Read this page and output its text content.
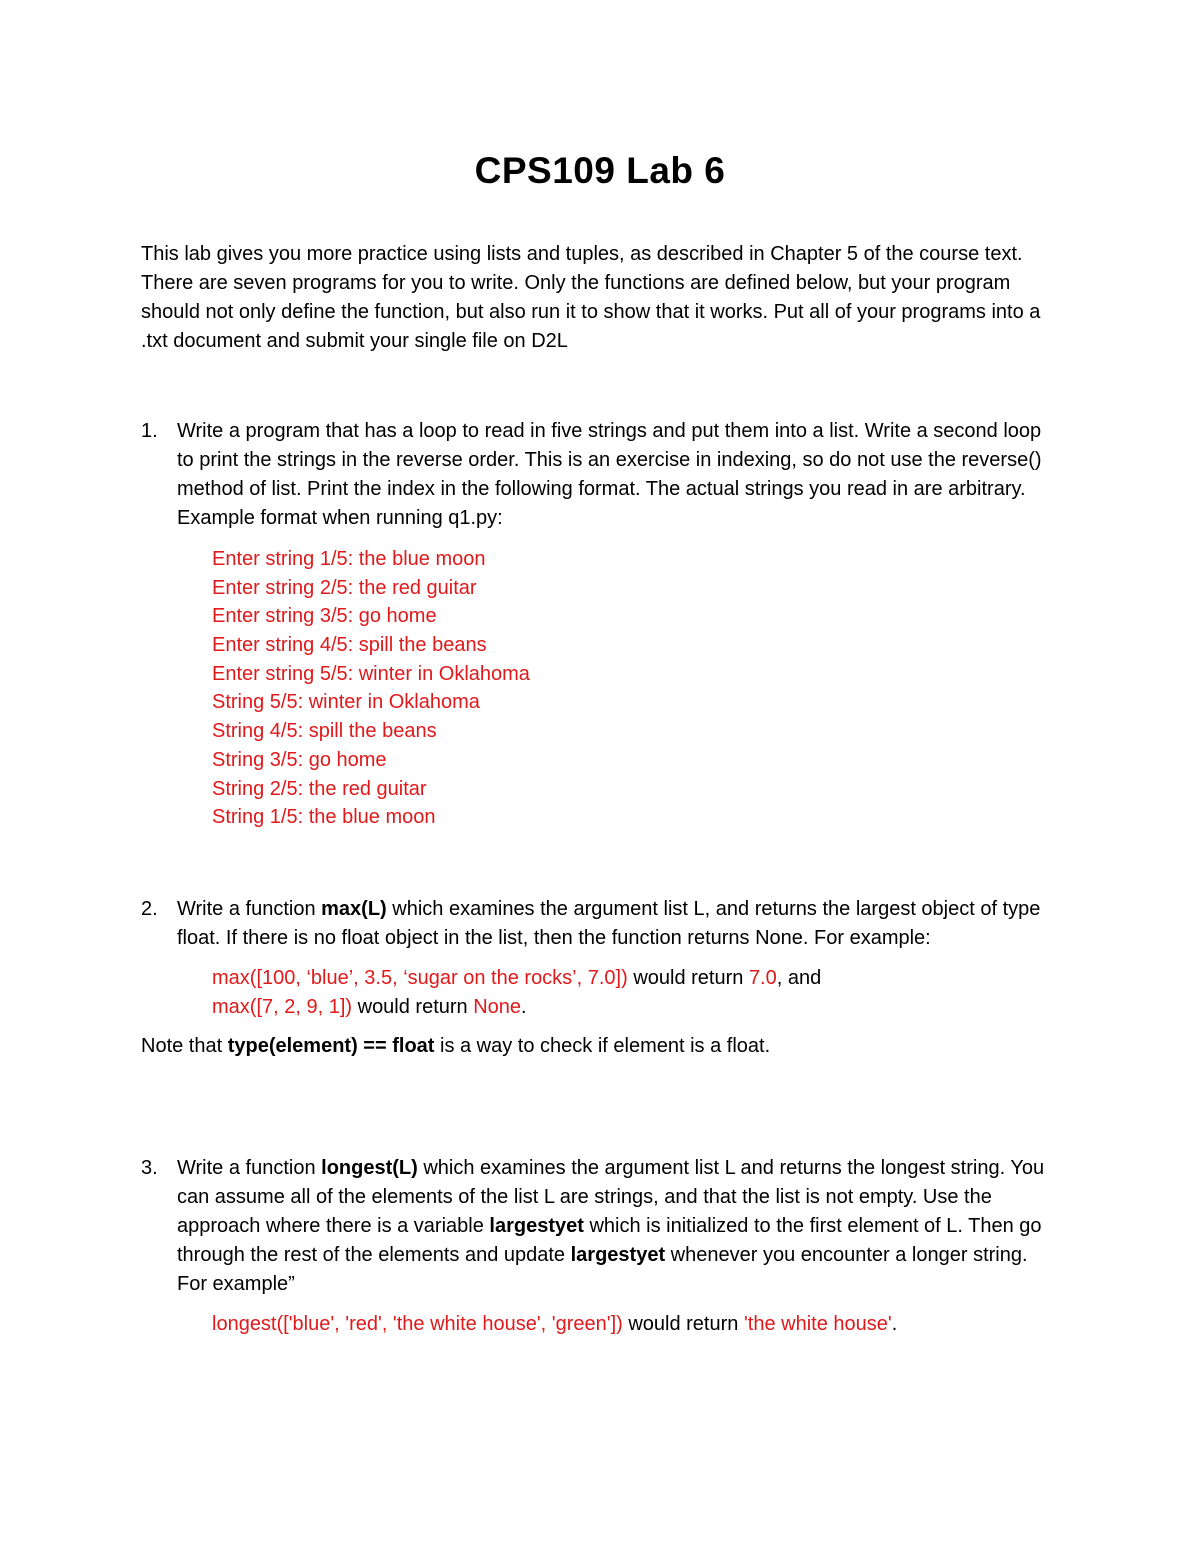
CPS109 Lab 6
This lab gives you more practice using lists and tuples, as described in Chapter 5 of the course text. There are seven programs for you to write. Only the functions are defined below, but your program should not only define the function, but also run it to show that it works. Put all of your programs into a .txt document and submit your single file on D2L
1. Write a program that has a loop to read in five strings and put them into a list. Write a second loop to print the strings in the reverse order. This is an exercise in indexing, so do not use the reverse() method of list. Print the index in the following format. The actual strings you read in are arbitrary. Example format when running q1.py:
Enter string 1/5: the blue moon
Enter string 2/5: the red guitar
Enter string 3/5: go home
Enter string 4/5: spill the beans
Enter string 5/5: winter in Oklahoma
String 5/5: winter in Oklahoma
String 4/5: spill the beans
String 3/5: go home
String 2/5: the red guitar
String 1/5: the blue moon
2. Write a function max(L) which examines the argument list L, and returns the largest object of type float. If there is no float object in the list, then the function returns None. For example:
max([100, ‘blue’, 3.5, ‘sugar on the rocks’, 7.0]) would return 7.0, and
max([7, 2, 9, 1]) would return None.
Note that type(element) == float is a way to check if element is a float.
3. Write a function longest(L) which examines the argument list L and returns the longest string. You can assume all of the elements of the list L are strings, and that the list is not empty. Use the approach where there is a variable largestyet which is initialized to the first element of L. Then go through the rest of the elements and update largestyet whenever you encounter a longer string. For example”
longest(['blue', 'red', 'the white house', 'green']) would return 'the white house'.
